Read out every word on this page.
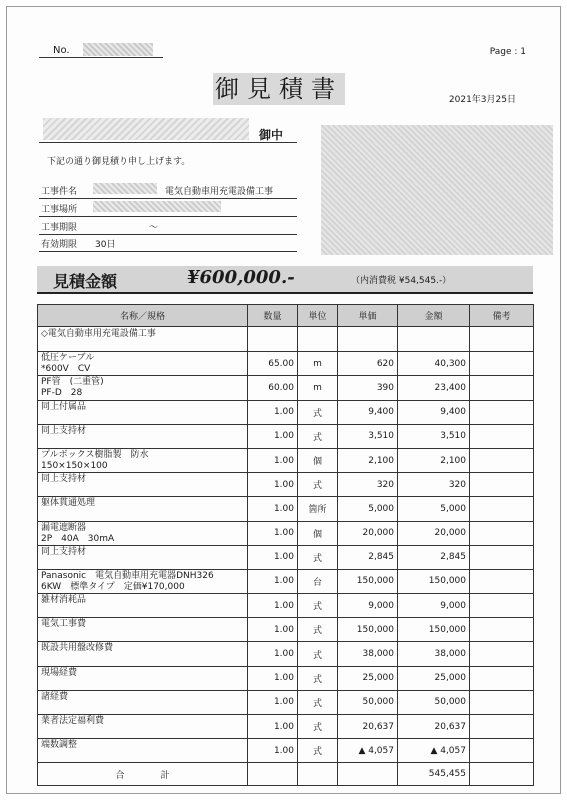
No.	Page : 1
御見積書	2021年3月25日
御中
下記の通り御見積り申し上げます。
工事件名	電気自動車用充電設備工事
工事場所
工事期限	～
有効期限 30日
見積金額	¥600,000.-	（内消費税 ¥54,545.-）
名称／規格	数量	単位	単価	金額	備考
◇電気自動車用充電設備工事					

低圧ケーブル
*600V　CV	65.00	m	620	40,300	

PF管　(二重管)
PF-D　28	60.00	m	390	23,400	

同上付属品	1.00	式	9,400	9,400	

同上支持材	1.00	式	3,510	3,510	

プルボックス樹脂製　防水
150×150×100	1.00	個	2,100	2,100	

同上支持材	1.00	式	320	320	

躯体貫通処理	1.00	箇所	5,000	5,000	

漏電遮断器
2P　40A　30mA	1.00	個	20,000	20,000	

同上支持材	1.00	式	2,845	2,845	

Panasonic　電気自動車用充電器DNH326
6KW　標準タイプ　定価¥170,000	1.00	台	150,000	150,000	

雑材消耗品	1.00	式	9,000	9,000	

電気工事費	1.00	式	150,000	150,000	

既設共用盤改修費	1.00	式	38,000	38,000	

現場経費	1.00	式	25,000	25,000	

諸経費	1.00	式	50,000	50,000	

業者法定福利費	1.00	式	20,637	20,637	

端数調整	1.00	式	▲ 4,057	▲ 4,057	
合　　　　計				545,455	
